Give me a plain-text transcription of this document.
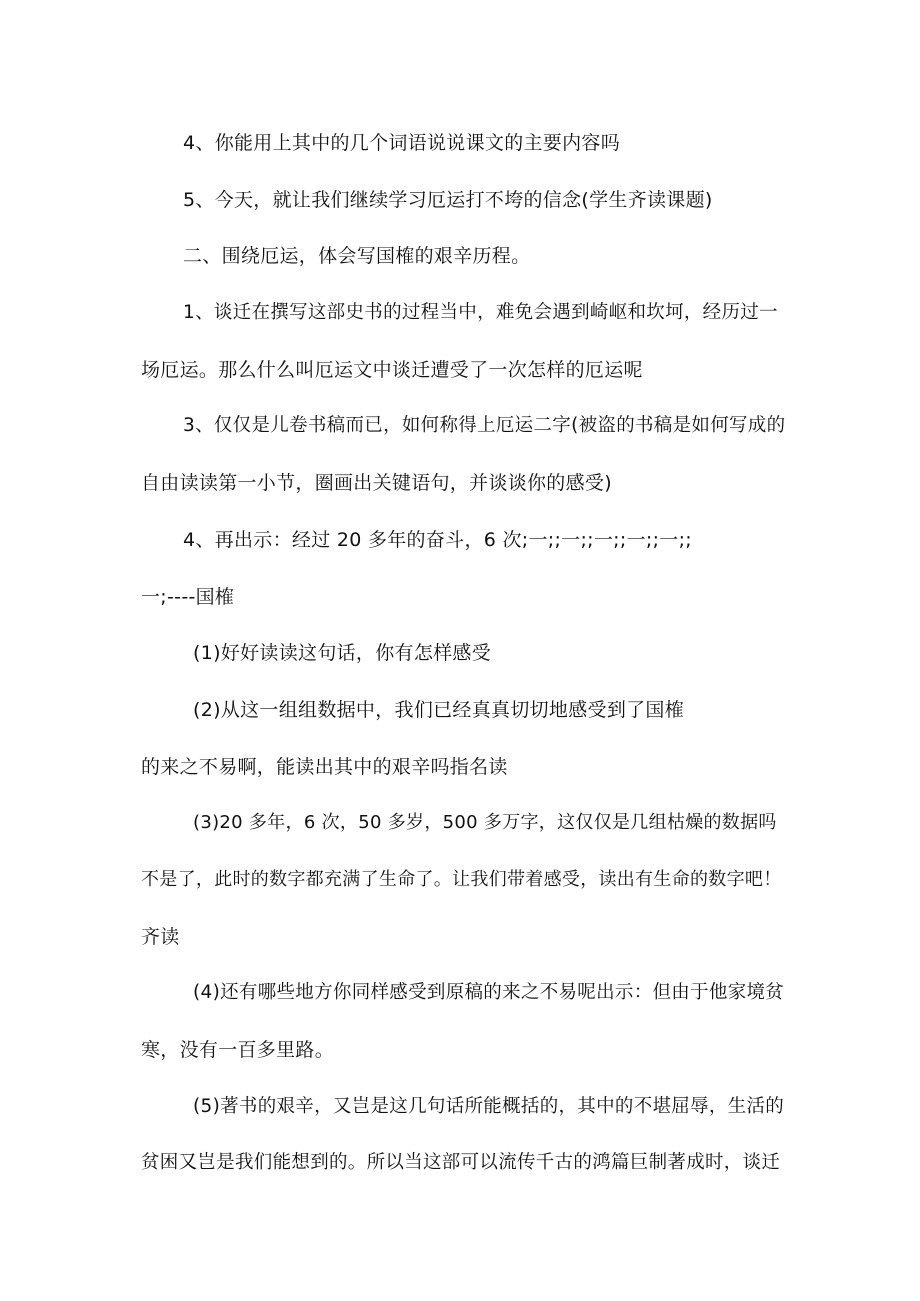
4、你能用上其中的几个词语说说课文的主要内容吗

5、今天，就让我们继续学习厄运打不垮的信念(学生齐读课题)

二、围绕厄运，体会写国榷的艰辛历程。

1、谈迁在撰写这部史书的过程当中，难免会遇到崎岖和坎坷，经历过一

场厄运。那么什么叫厄运文中谈迁遭受了一次怎样的厄运呢

3、仅仅是儿卷书稿而已，如何称得上厄运二字(被盗的书稿是如何写成的

自由读读第一小节，圈画出关键语句，并谈谈你的感受)

4、再出示：经过 20 多年的奋斗，6 次;一;;一;;一;;一;;一;;

一;----国榷

(1)好好读读这句话，你有怎样感受

(2)从这一组组数据中，我们已经真真切切地感受到了国榷

的来之不易啊，能读出其中的艰辛吗指名读

(3)20 多年，6 次，50 多岁，500 多万字，这仅仅是几组枯燥的数据吗

不是了，此时的数字都充满了生命了。让我们带着感受，读出有生命的数字吧！

齐读

(4)还有哪些地方你同样感受到原稿的来之不易呢出示：但由于他家境贫

寒，没有一百多里路。

(5)著书的艰辛，又岂是这几句话所能概括的，其中的不堪屈辱，生活的

贫困又岂是我们能想到的。所以当这部可以流传千古的鸿篇巨制著成时，谈迁
